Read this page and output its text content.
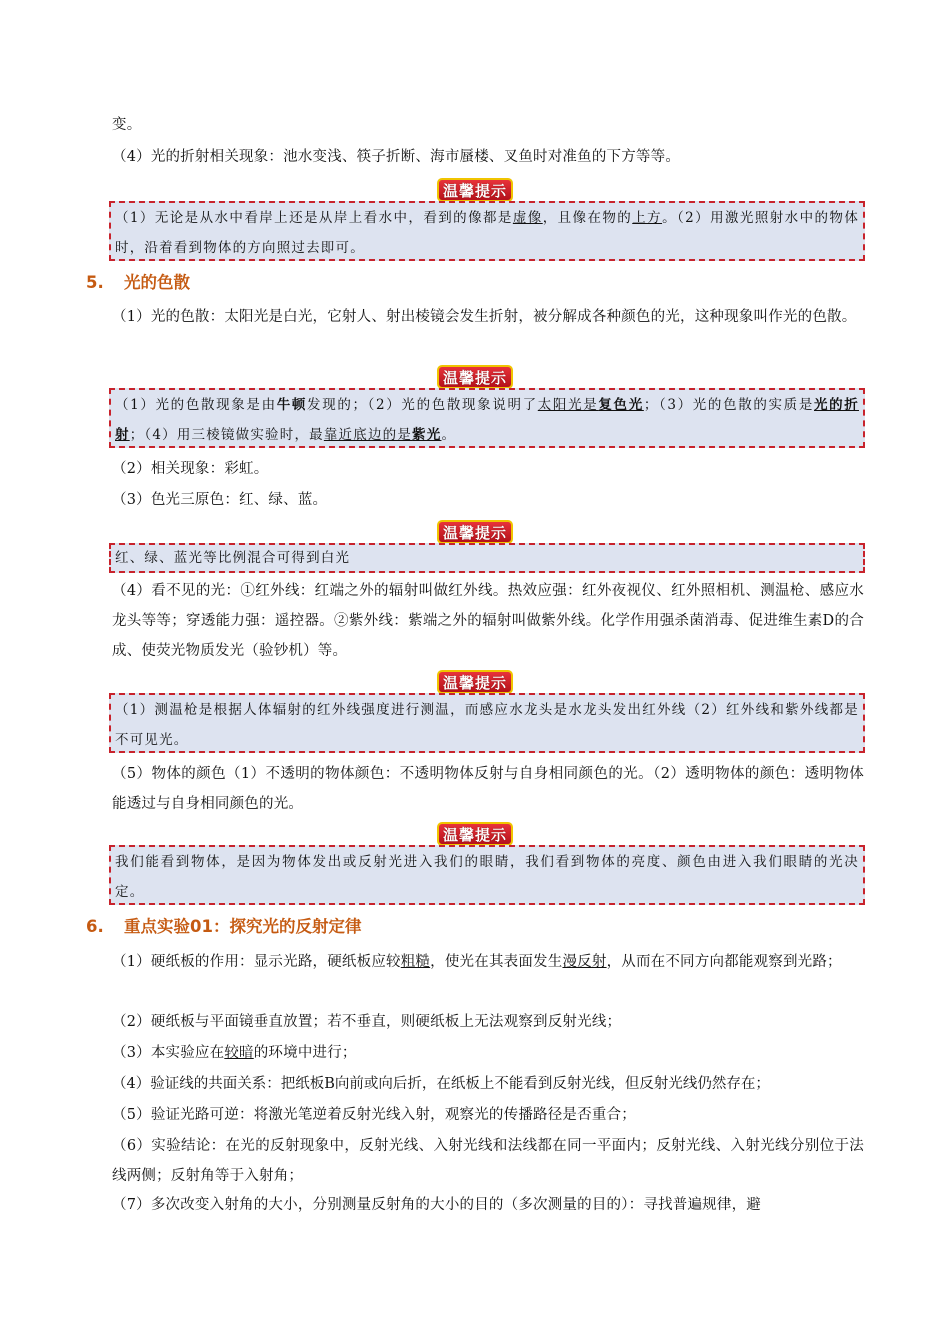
变。
（4）光的折射相关现象：池水变浅、筷子折断、海市蜃楼、叉鱼时对准鱼的下方等等。
温馨提示
（1）无论是从水中看岸上还是从岸上看水中，看到的像都是虚像，且像在物的上方。（2）用激光照射水中的物体时，沿着看到物体的方向照过去即可。
5. 光的色散
（1）光的色散：太阳光是白光，它射人、射出棱镜会发生折射，被分解成各种颜色的光，这种现象叫作光的色散。
温馨提示
（1）光的色散现象是由牛顿发现的；（2）光的色散现象说明了太阳光是复色光；（3）光的色散的实质是光的折射；（4）用三棱镜做实验时，最靠近底边的是紫光。
（2）相关现象：彩虹。
（3）色光三原色：红、绿、蓝。
温馨提示
红、绿、蓝光等比例混合可得到白光
（4）看不见的光：①红外线：红端之外的辐射叫做红外线。热效应强：红外夜视仪、红外照相机、测温枪、感应水龙头等等；穿透能力强：遥控器。②紫外线：紫端之外的辐射叫做紫外线。化学作用强杀菌消毒、促进维生素D的合成、使荧光物质发光（验钞机）等。
温馨提示
（1）测温枪是根据人体辐射的红外线强度进行测温，而感应水龙头是水龙头发出红外线（2）红外线和紫外线都是不可见光。
（5）物体的颜色（1）不透明的物体颜色：不透明物体反射与自身相同颜色的光。（2）透明物体的颜色：透明物体能透过与自身相同颜色的光。
温馨提示
我们能看到物体，是因为物体发出或反射光进入我们的眼睛，我们看到物体的亮度、颜色由进入我们眼睛的光决定。
6. 重点实验01：探究光的反射定律
（1）硬纸板的作用：显示光路，硬纸板应较粗糙，使光在其表面发生漫反射，从而在不同方向都能观察到光路；
（2）硬纸板与平面镜垂直放置；若不垂直，则硬纸板上无法观察到反射光线；
（3）本实验应在较暗的环境中进行；
（4）验证线的共面关系：把纸板B向前或向后折，在纸板上不能看到反射光线，但反射光线仍然存在；
（5）验证光路可逆：将激光笔逆着反射光线入射，观察光的传播路径是否重合；
（6）实验结论：在光的反射现象中，反射光线、入射光线和法线都在同一平面内；反射光线、入射光线分别位于法线两侧；反射角等于入射角；
（7）多次改变入射角的大小，分别测量反射角的大小的目的（多次测量的目的）：寻找普遍规律，避
